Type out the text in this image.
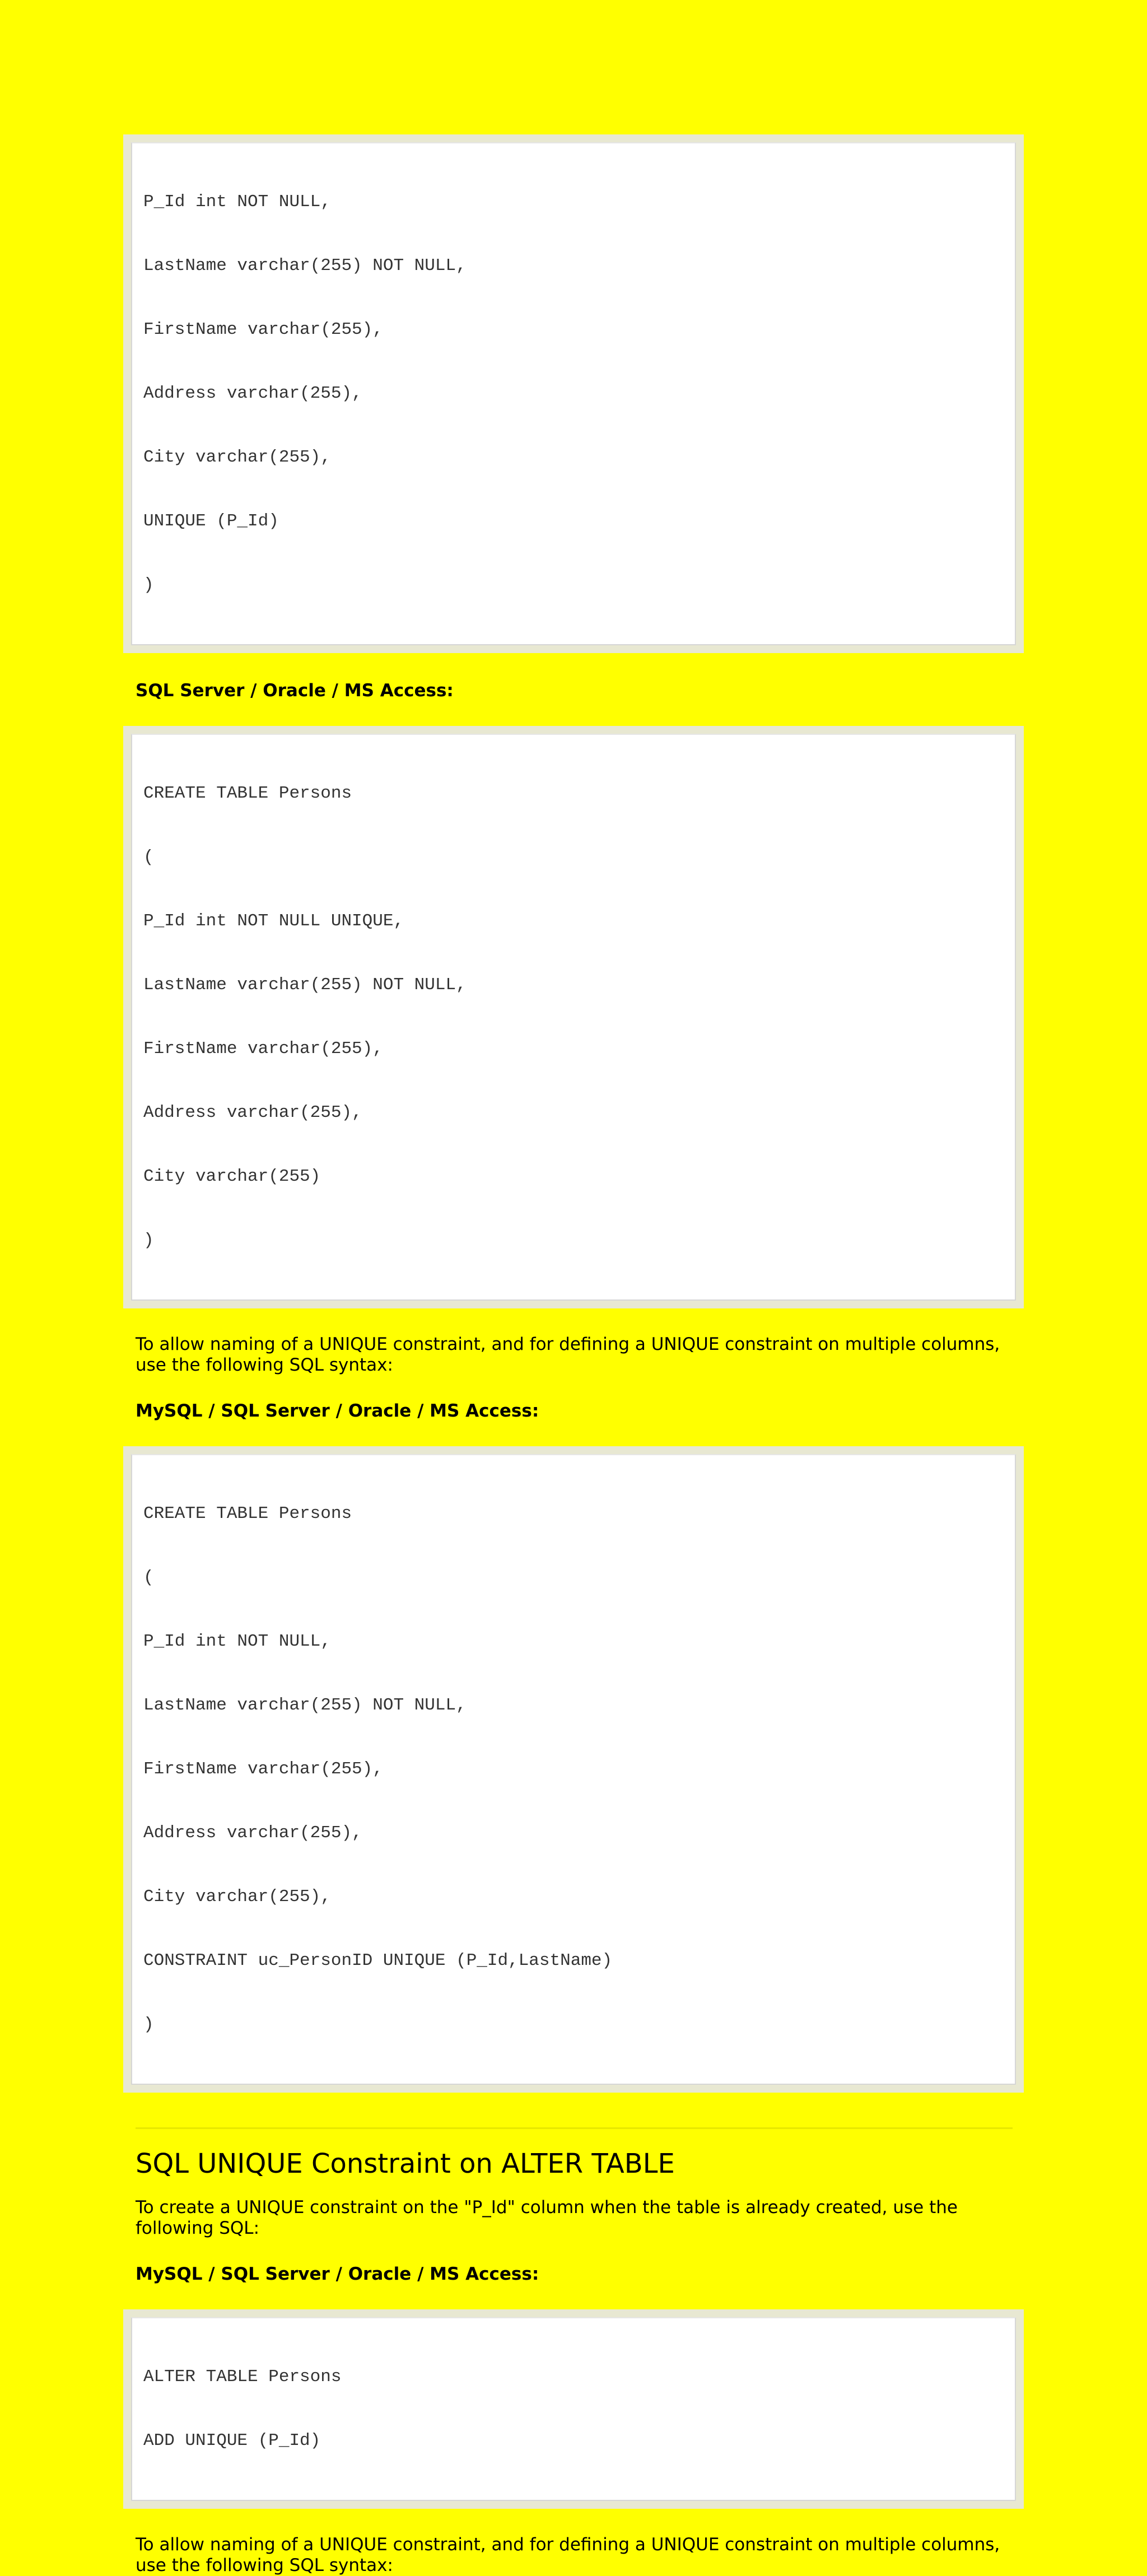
P_Id int NOT NULL,

LastName varchar(255) NOT NULL,

FirstName varchar(255),

Address varchar(255),

City varchar(255),

UNIQUE (P_Id)

)

SQL Server / Oracle / MS Access:

CREATE TABLE Persons

(

P_Id int NOT NULL UNIQUE,

LastName varchar(255) NOT NULL,

FirstName varchar(255),

Address varchar(255),

City varchar(255)

)

To allow naming of a UNIQUE constraint, and for defining a UNIQUE constraint on multiple columns, use the following SQL syntax:
MySQL / SQL Server / Oracle / MS Access:

CREATE TABLE Persons

(

P_Id int NOT NULL,

LastName varchar(255) NOT NULL,

FirstName varchar(255),

Address varchar(255),

City varchar(255),

CONSTRAINT uc_PersonID UNIQUE (P_Id,LastName)

)

SQL UNIQUE Constraint on ALTER TABLE
To create a UNIQUE constraint on the "P_Id" column when the table is already created, use the following SQL:
MySQL / SQL Server / Oracle / MS Access:

ALTER TABLE Persons

ADD UNIQUE (P_Id)

To allow naming of a UNIQUE constraint, and for defining a UNIQUE constraint on multiple columns, use the following SQL syntax:
